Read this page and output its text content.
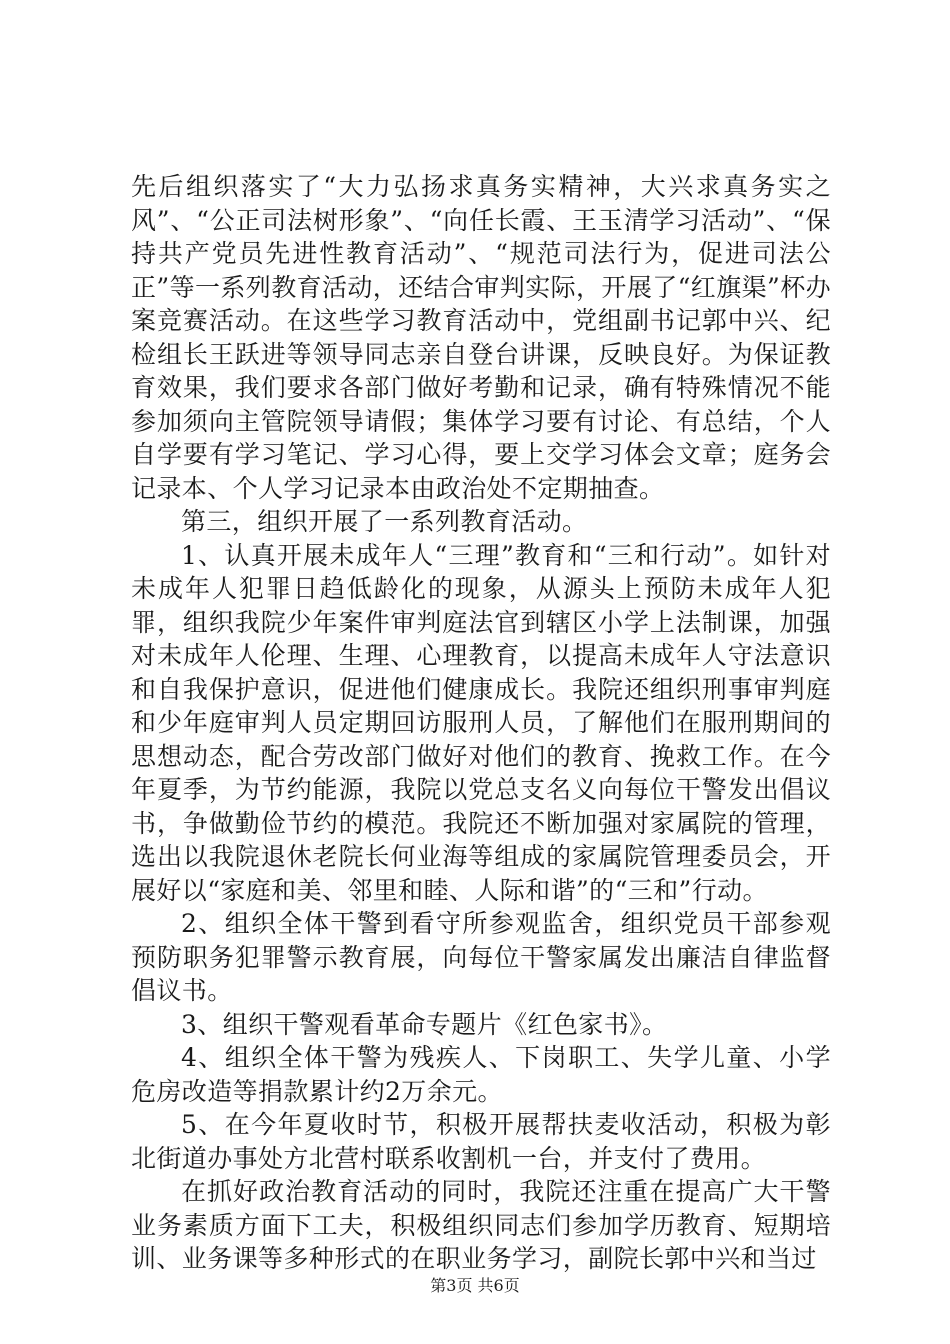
先后组织落实了“大力弘扬求真务实精神，大兴求真务实之风”、“公正司法树形象”、“向任长霞、王玉清学习活动”、“保持共产党员先进性教育活动”、“规范司法行为，促进司法公正”等一系列教育活动，还结合审判实际，开展了“红旗渠”杯办案竞赛活动。在这些学习教育活动中，党组副书记郭中兴、纪检组长王跃进等领导同志亲自登台讲课，反映良好。为保证教育效果，我们要求各部门做好考勤和记录，确有特殊情况不能参加须向主管院领导请假；集体学习要有讨论、有总结，个人自学要有学习笔记、学习心得，要上交学习体会文章；庭务会记录本、个人学习记录本由政治处不定期抽查。

第三，组织开展了一系列教育活动。

1、认真开展未成年人“三理”教育和“三和行动”。如针对未成年人犯罪日趋低龄化的现象，从源头上预防未成年人犯罪，组织我院少年案件审判庭法官到辖区小学上法制课，加强对未成年人伦理、生理、心理教育，以提高未成年人守法意识和自我保护意识，促进他们健康成长。我院还组织刑事审判庭和少年庭审判人员定期回访服刑人员，了解他们在服刑期间的思想动态，配合劳改部门做好对他们的教育、挽救工作。在今年夏季，为节约能源，我院以党总支名义向每位干警发出倡议书，争做勤俭节约的模范。我院还不断加强对家属院的管理，选出以我院退休老院长何业海等组成的家属院管理委员会，开展好以“家庭和美、邻里和睦、人际和谐”的“三和”行动。

2、组织全体干警到看守所参观监舍，组织党员干部参观预防职务犯罪警示教育展，向每位干警家属发出廉洁自律监督倡议书。

3、组织干警观看革命专题片《红色家书》。

4、组织全体干警为残疾人、下岗职工、失学儿童、小学危房改造等捐款累计约2万余元。

5、在今年夏收时节，积极开展帮扶麦收活动，积极为彰北街道办事处方北营村联系收割机一台，并支付了费用。

在抓好政治教育活动的同时，我院还注重在提高广大干警业务素质方面下工夫，积极组织同志们参加学历教育、短期培训、业务课等多种形式的在职业务学习，副院长郭中兴和当过

第3页 共6页
